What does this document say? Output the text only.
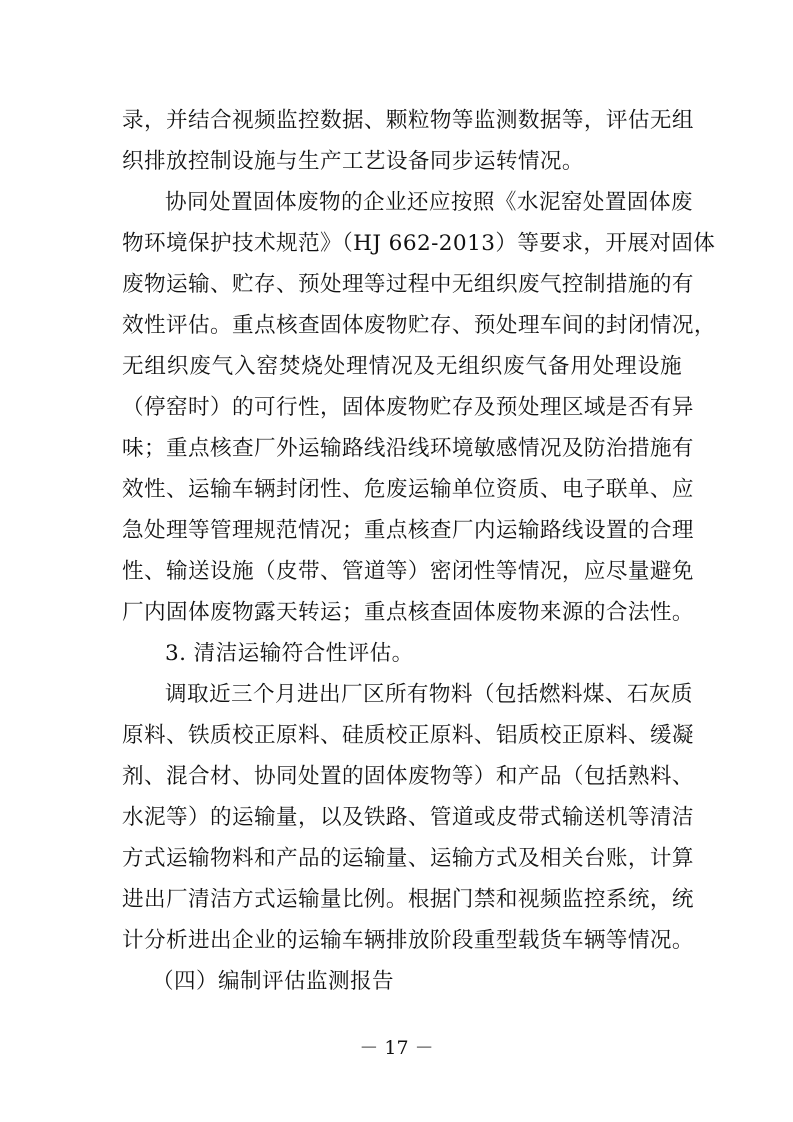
录，并结合视频监控数据、颗粒物等监测数据等，评估无组
织排放控制设施与生产工艺设备同步运转情况。
协同处置固体废物的企业还应按照《水泥窑处置固体废
物环境保护技术规范》（HJ 662-2013）等要求，开展对固体
废物运输、贮存、预处理等过程中无组织废气控制措施的有
效性评估。重点核查固体废物贮存、预处理车间的封闭情况，
无组织废气入窑焚烧处理情况及无组织废气备用处理设施
（停窑时）的可行性，固体废物贮存及预处理区域是否有异
味；重点核查厂外运输路线沿线环境敏感情况及防治措施有
效性、运输车辆封闭性、危废运输单位资质、电子联单、应
急处理等管理规范情况；重点核查厂内运输路线设置的合理
性、输送设施（皮带、管道等）密闭性等情况，应尽量避免
厂内固体废物露天转运；重点核查固体废物来源的合法性。
3. 清洁运输符合性评估。
调取近三个月进出厂区所有物料（包括燃料煤、石灰质
原料、铁质校正原料、硅质校正原料、铝质校正原料、缓凝
剂、混合材、协同处置的固体废物等）和产品（包括熟料、
水泥等）的运输量，以及铁路、管道或皮带式输送机等清洁
方式运输物料和产品的运输量、运输方式及相关台账，计算
进出厂清洁方式运输量比例。根据门禁和视频监控系统，统
计分析进出企业的运输车辆排放阶段重型载货车辆等情况。
（四）编制评估监测报告
－ 17 －
